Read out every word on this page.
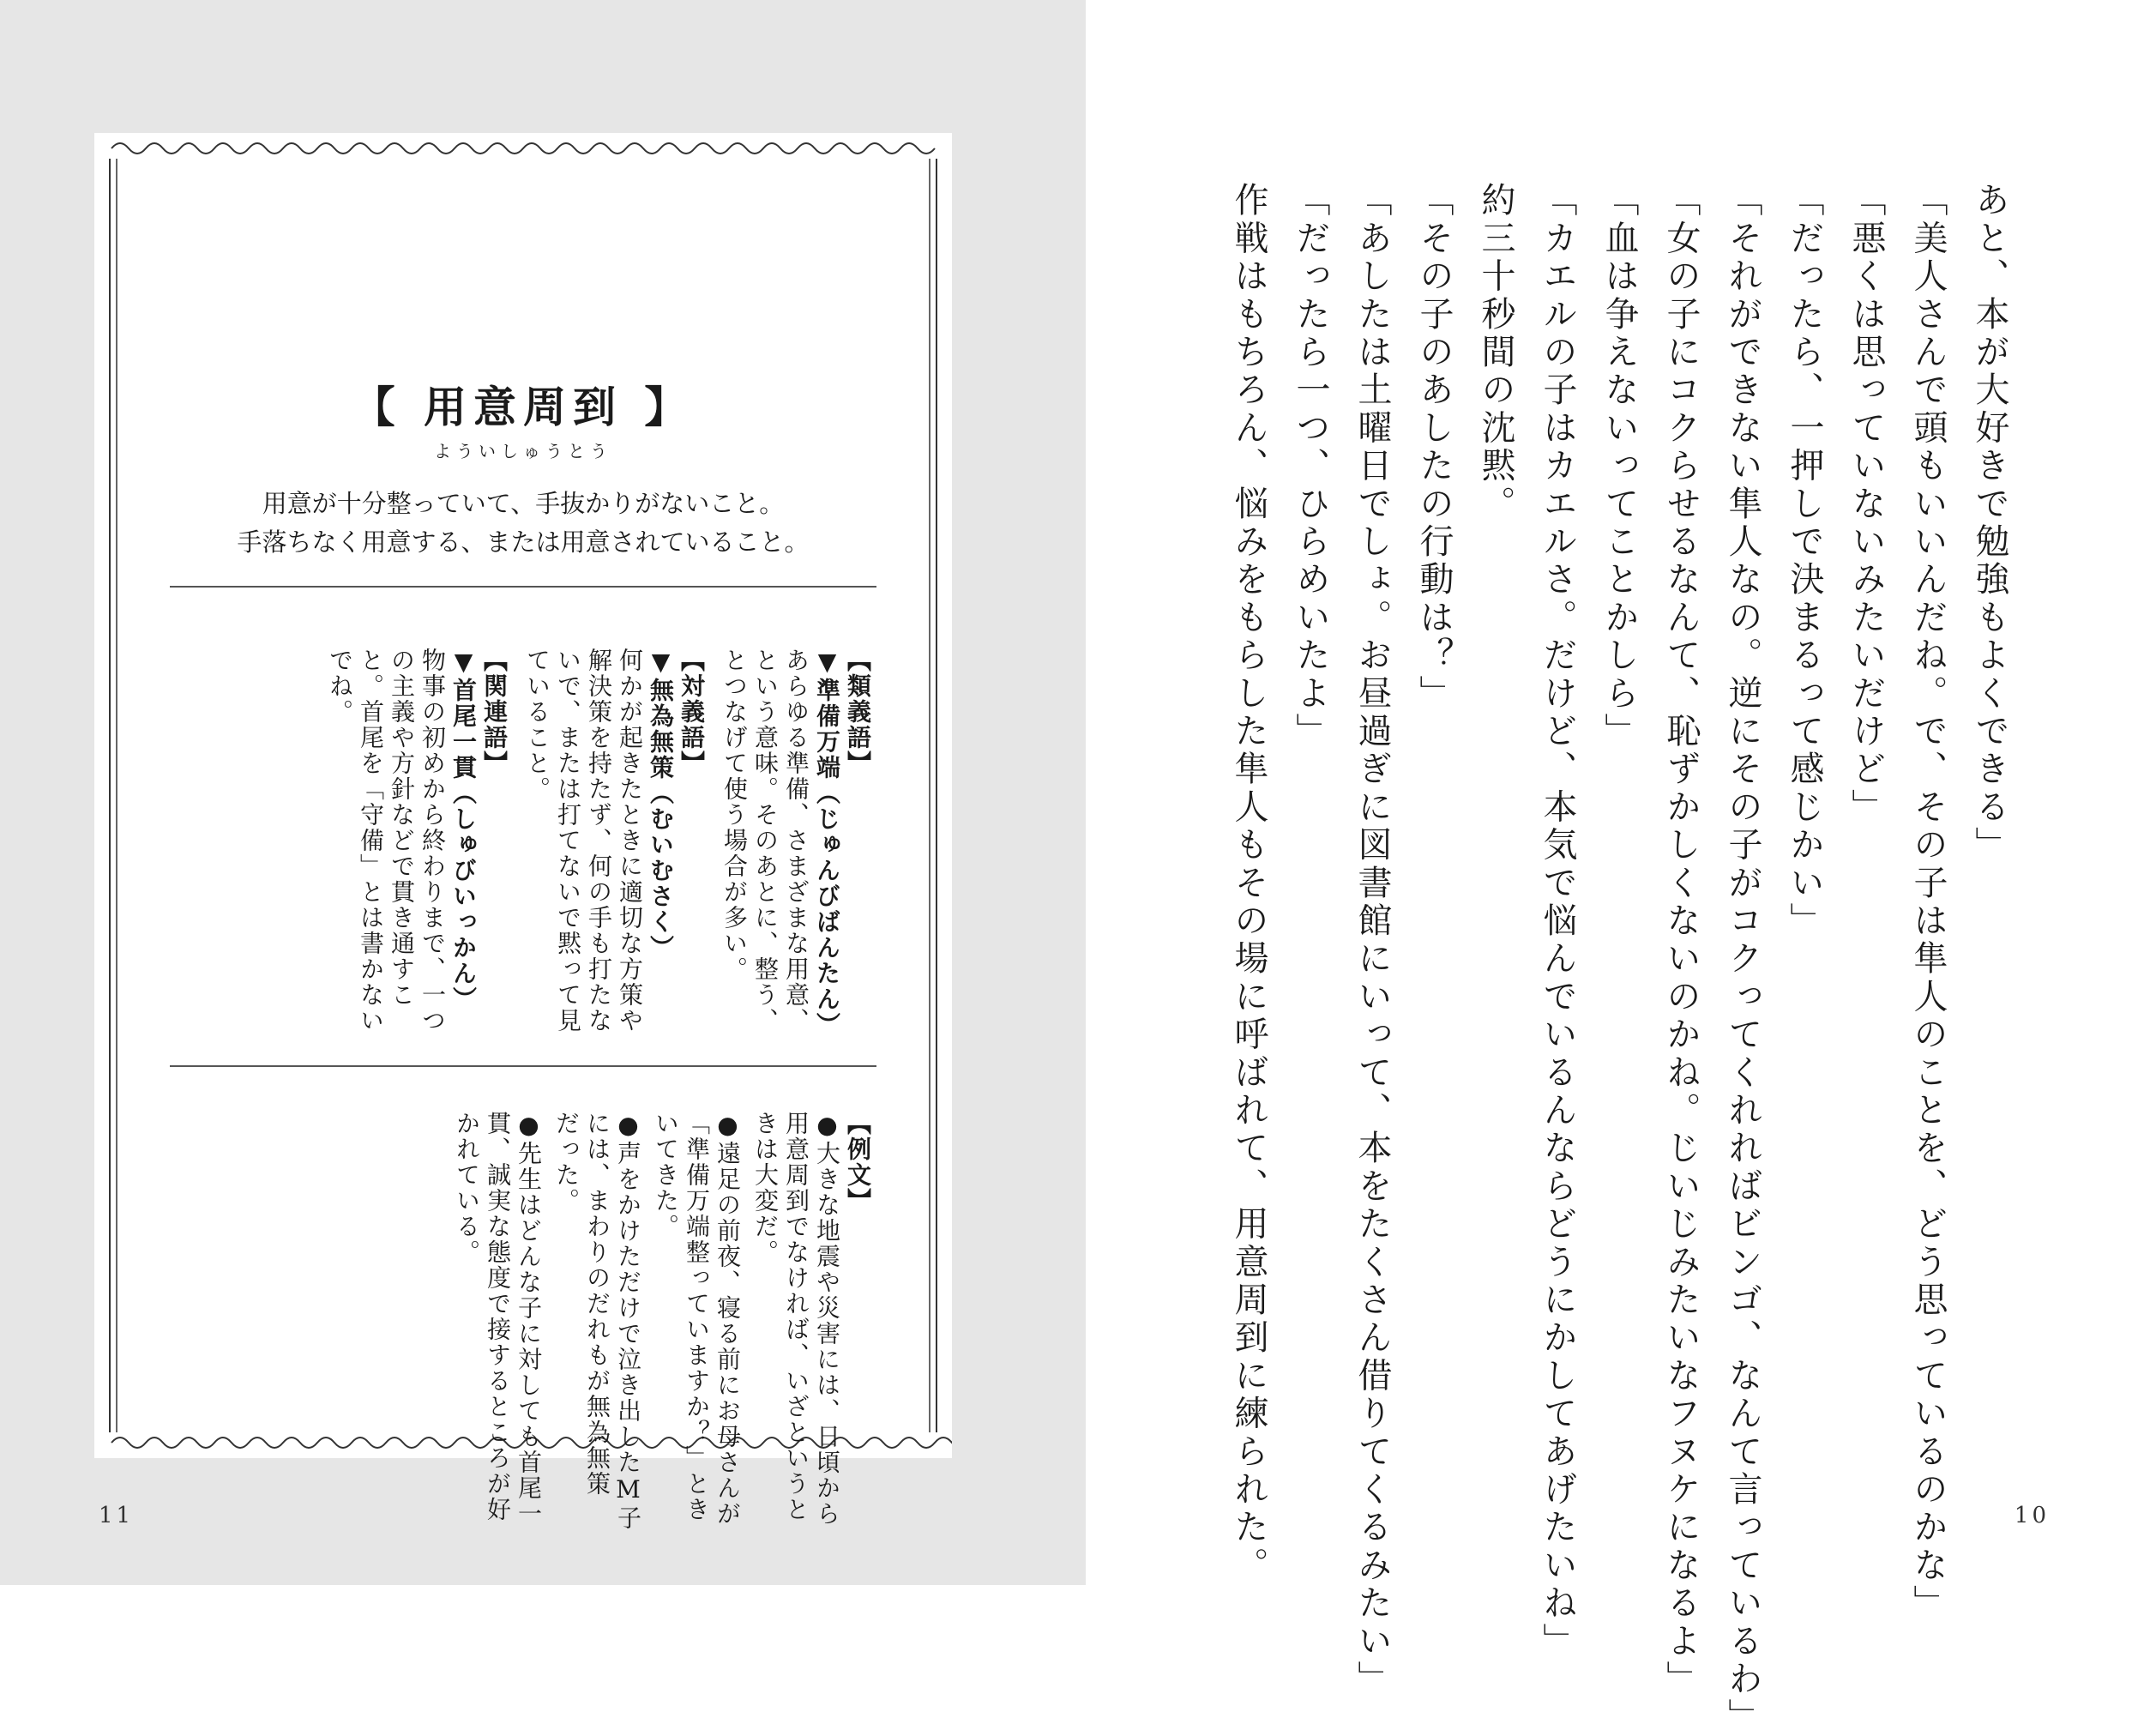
【 用意周到 】
よういしゅうとう
用意が十分整っていて、手抜かりがないこと。
手落ちなく用意する、または用意されていること。
【類義語】
▼準備万端（じゅんびばんたん）
あらゆる準備、さまざまな用意、
という意味。そのあとに、整う、
とつなげて使う場合が多い。
【対義語】
▼無為無策（むいむさく）
何かが起きたときに適切な方策や
解決策を持たず、何の手も打たな
いで、または打てないで黙って見
ていること。
【関連語】
▼首尾一貫（しゅびいっかん）
物事の初めから終わりまで、一つ
の主義や方針などで貫き通すこ
と。首尾を「守備」とは書かない
でね。
【例文】
●大きな地震や災害には、日頃から
用意周到でなければ、いざというと
きは大変だ。
●遠足の前夜、寝る前にお母さんが
「準備万端整っていますか？」とき
いてきた。
●声をかけただけで泣き出したM子
には、まわりのだれもが無為無策
だった。
●先生はどんな子に対しても首尾一
貫、誠実な態度で接するところが好
かれている。
11
あと、本が大好きで勉強もよくできる」
「美人さんで頭もいいんだね。で、その子は隼人のことを、どう思っているのかな」
「悪くは思っていないみたいだけど」
「だったら、一押しで決まるって感じかい」
「それができない隼人なの。逆にその子がコクってくれればビンゴ、なんて言っているわ」
「女の子にコクらせるなんて、恥ずかしくないのかね。じいじみたいなフヌケになるよ」
「血は争えないってことかしら」
「カエルの子はカエルさ。だけど、本気で悩んでいるんならどうにかしてあげたいね」
約三十秒間の沈黙。
「その子のあしたの行動は？」
「あしたは土曜日でしょ。お昼過ぎに図書館にいって、本をたくさん借りてくるみたい」
「だったら一つ、ひらめいたよ」
作戦はもちろん、悩みをもらした隼人もその場に呼ばれて、用意周到に練られた。	10
